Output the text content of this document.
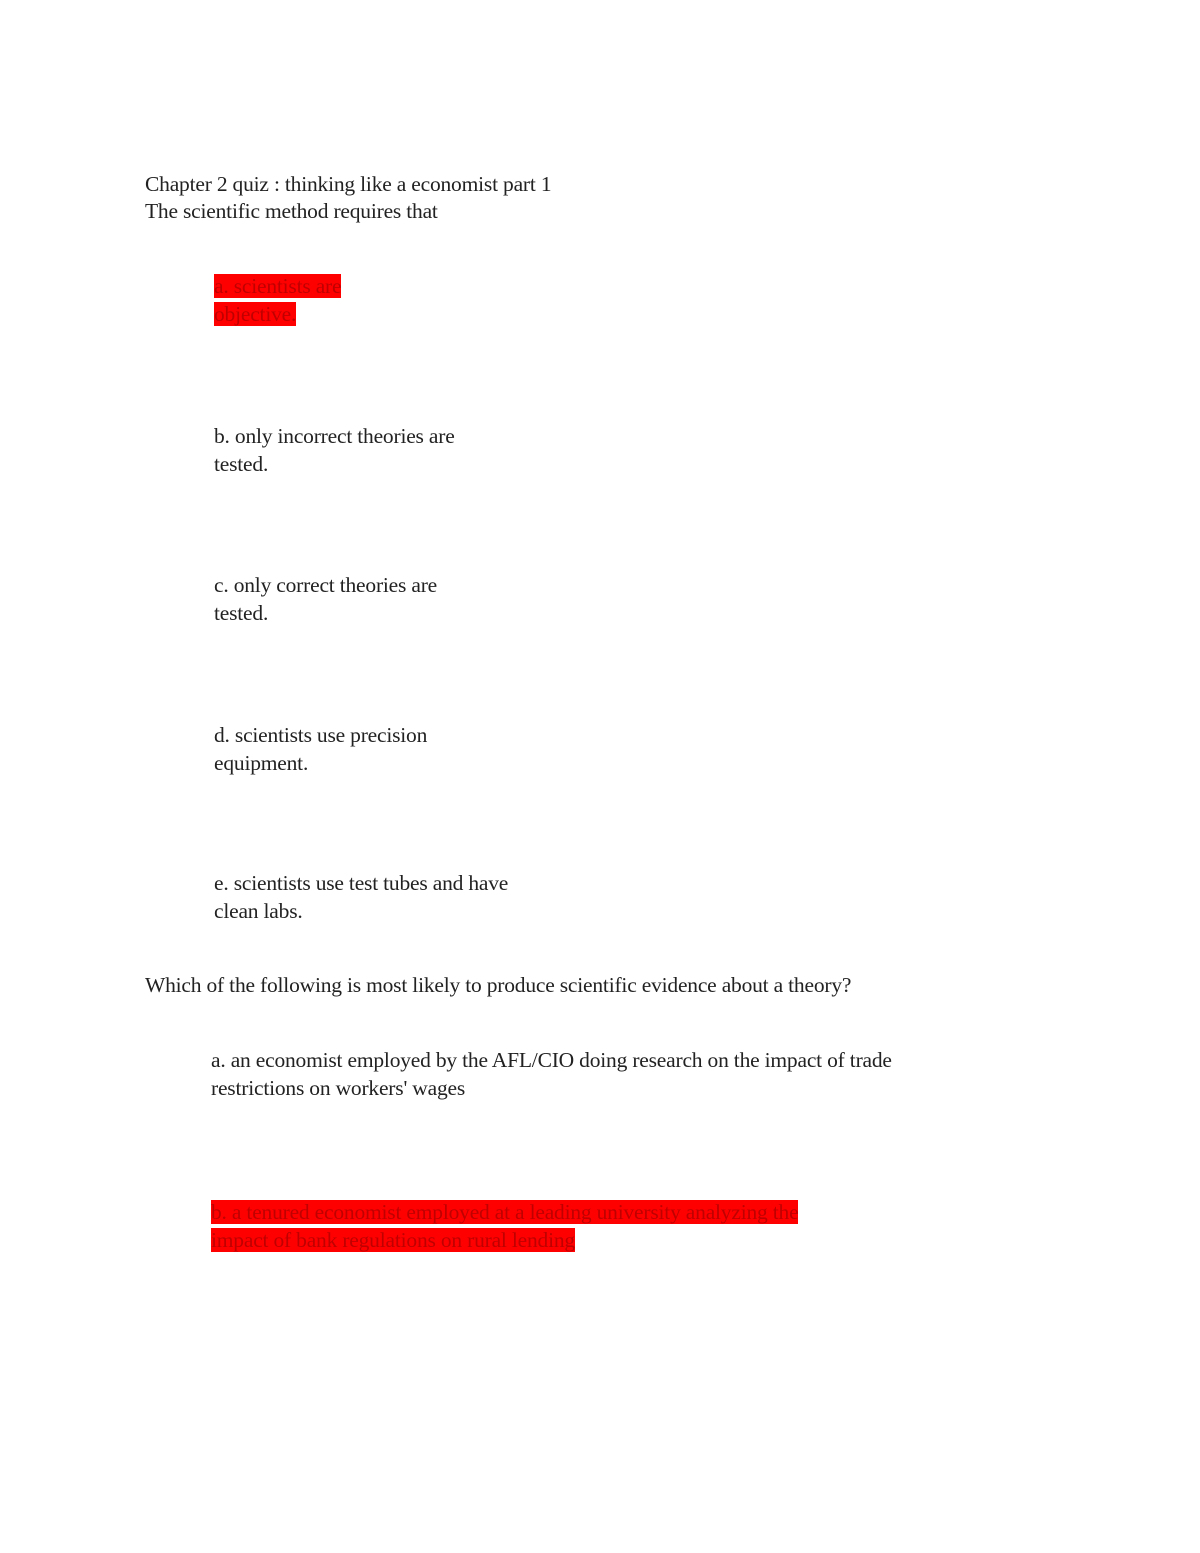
Chapter 2 quiz : thinking like a economist part 1
The scientific method requires that
a. scientists are
objective.
b. only incorrect theories are
tested.
c. only correct theories are
tested.
d. scientists use precision
equipment.
e. scientists use test tubes and have
clean labs.
Which of the following is most likely to produce scientific evidence about a theory?
a. an economist employed by the AFL/CIO doing research on the impact of trade
restrictions on workers' wages
b. a tenured economist employed at a leading university analyzing the
impact of bank regulations on rural lending
